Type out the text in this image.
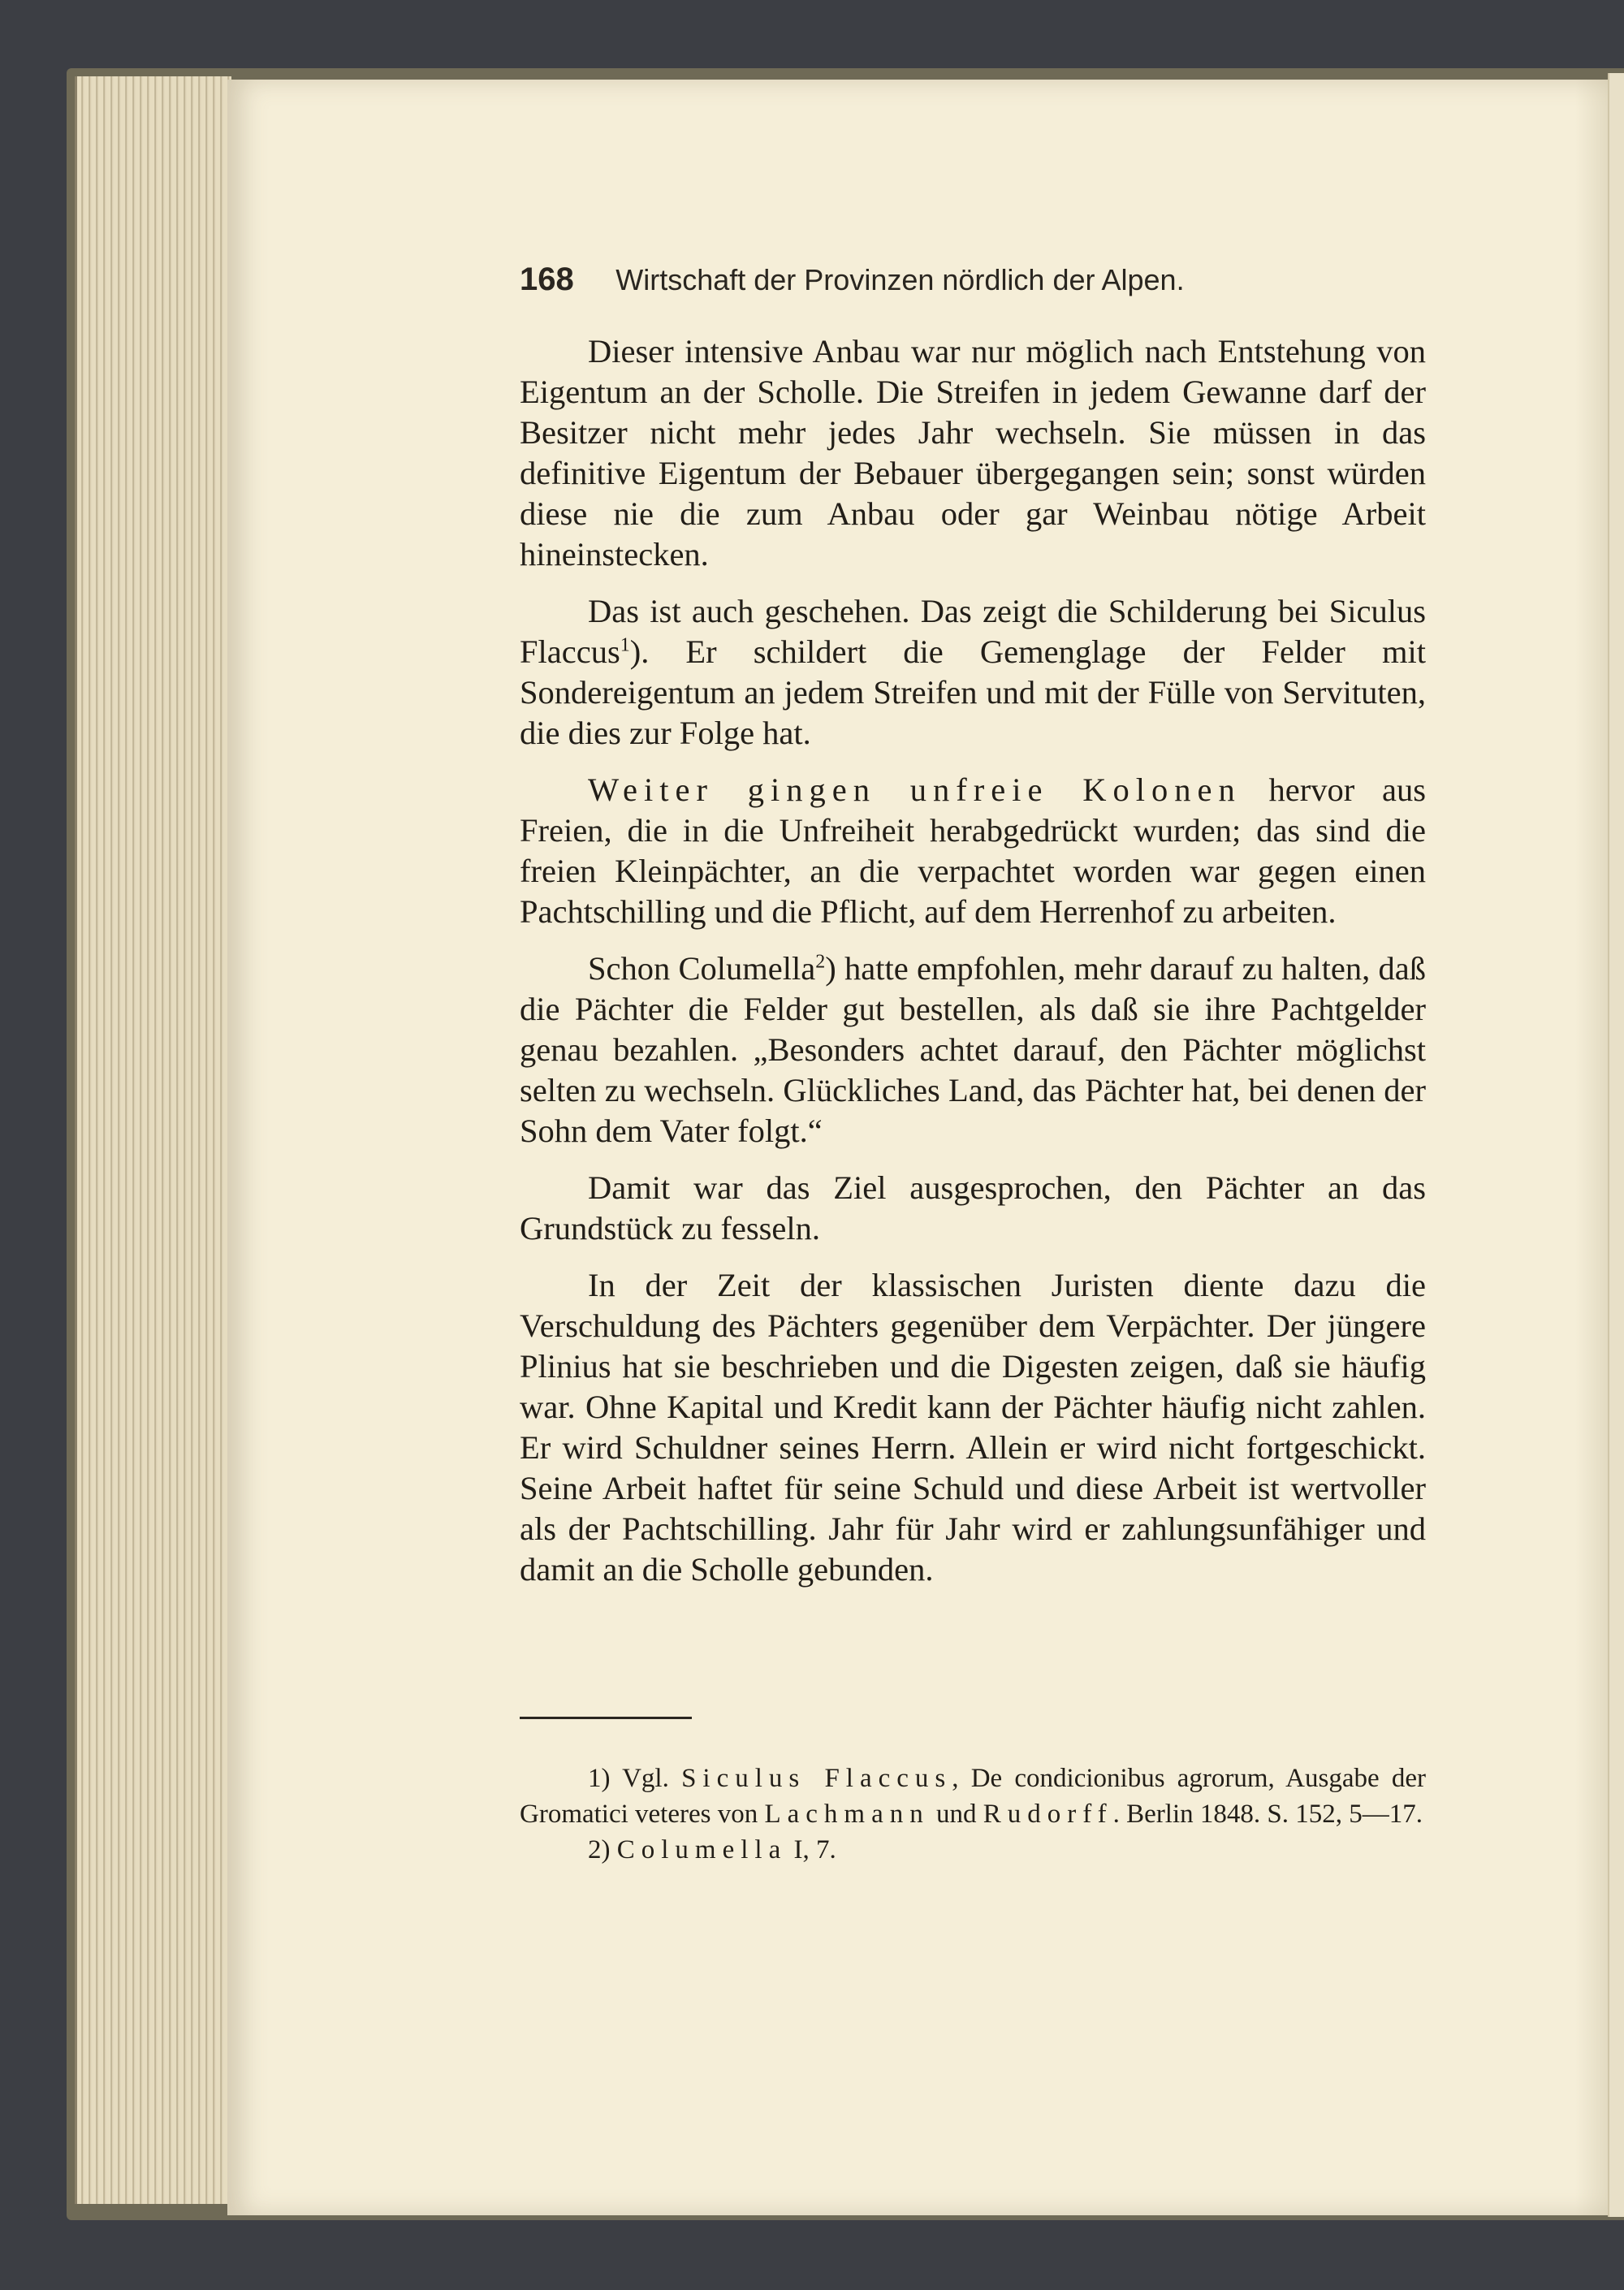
168 Wirtschaft der Provinzen nördlich der Alpen.

Dieser intensive Anbau war nur möglich nach Entstehung von Eigentum an der Scholle. Die Streifen in jedem Gewanne darf der Besitzer nicht mehr jedes Jahr wechseln. Sie müssen in das definitive Eigentum der Bebauer übergegangen sein; sonst würden diese nie die zum Anbau oder gar Weinbau nötige Arbeit hineinstecken.

Das ist auch geschehen. Das zeigt die Schilderung bei Siculus Flaccus$^1$). Er schildert die Gemenglage der Felder mit Sondereigentum an jedem Streifen und mit der Fülle von Servituten, die dies zur Folge hat.

Weiter gingen unfreie Kolonen hervor aus Freien, die in die Unfreiheit herabgedrückt wurden; das sind die freien Kleinpächter, an die verpachtet worden war gegen einen Pachtschilling und die Pflicht, auf dem Herrenhof zu arbeiten.

Schon Columella$^2$) hatte empfohlen, mehr darauf zu halten, daß die Pächter die Felder gut bestellen, als daß sie ihre Pachtgelder genau bezahlen. „Besonders achtet darauf, den Pächter möglichst selten zu wechseln. Glückliches Land, das Pächter hat, bei denen der Sohn dem Vater folgt.“

Damit war das Ziel ausgesprochen, den Pächter an das Grundstück zu fesseln.

In der Zeit der klassischen Juristen diente dazu die Verschuldung des Pächters gegenüber dem Verpächter. Der jüngere Plinius hat sie beschrieben und die Digesten zeigen, daß sie häufig war. Ohne Kapital und Kredit kann der Pächter häufig nicht zahlen. Er wird Schuldner seines Herrn. Allein er wird nicht fortgeschickt. Seine Arbeit haftet für seine Schuld und diese Arbeit ist wertvoller als der Pachtschilling. Jahr für Jahr wird er zahlungsunfähiger und damit an die Scholle gebunden.

1) Vgl. Siculus Flaccus, De condicionibus agrorum, Ausgabe der Gromatici veteres von Lachmann und Rudorff. Berlin 1848. S. 152, 5—17.

2) Columella I, 7.
